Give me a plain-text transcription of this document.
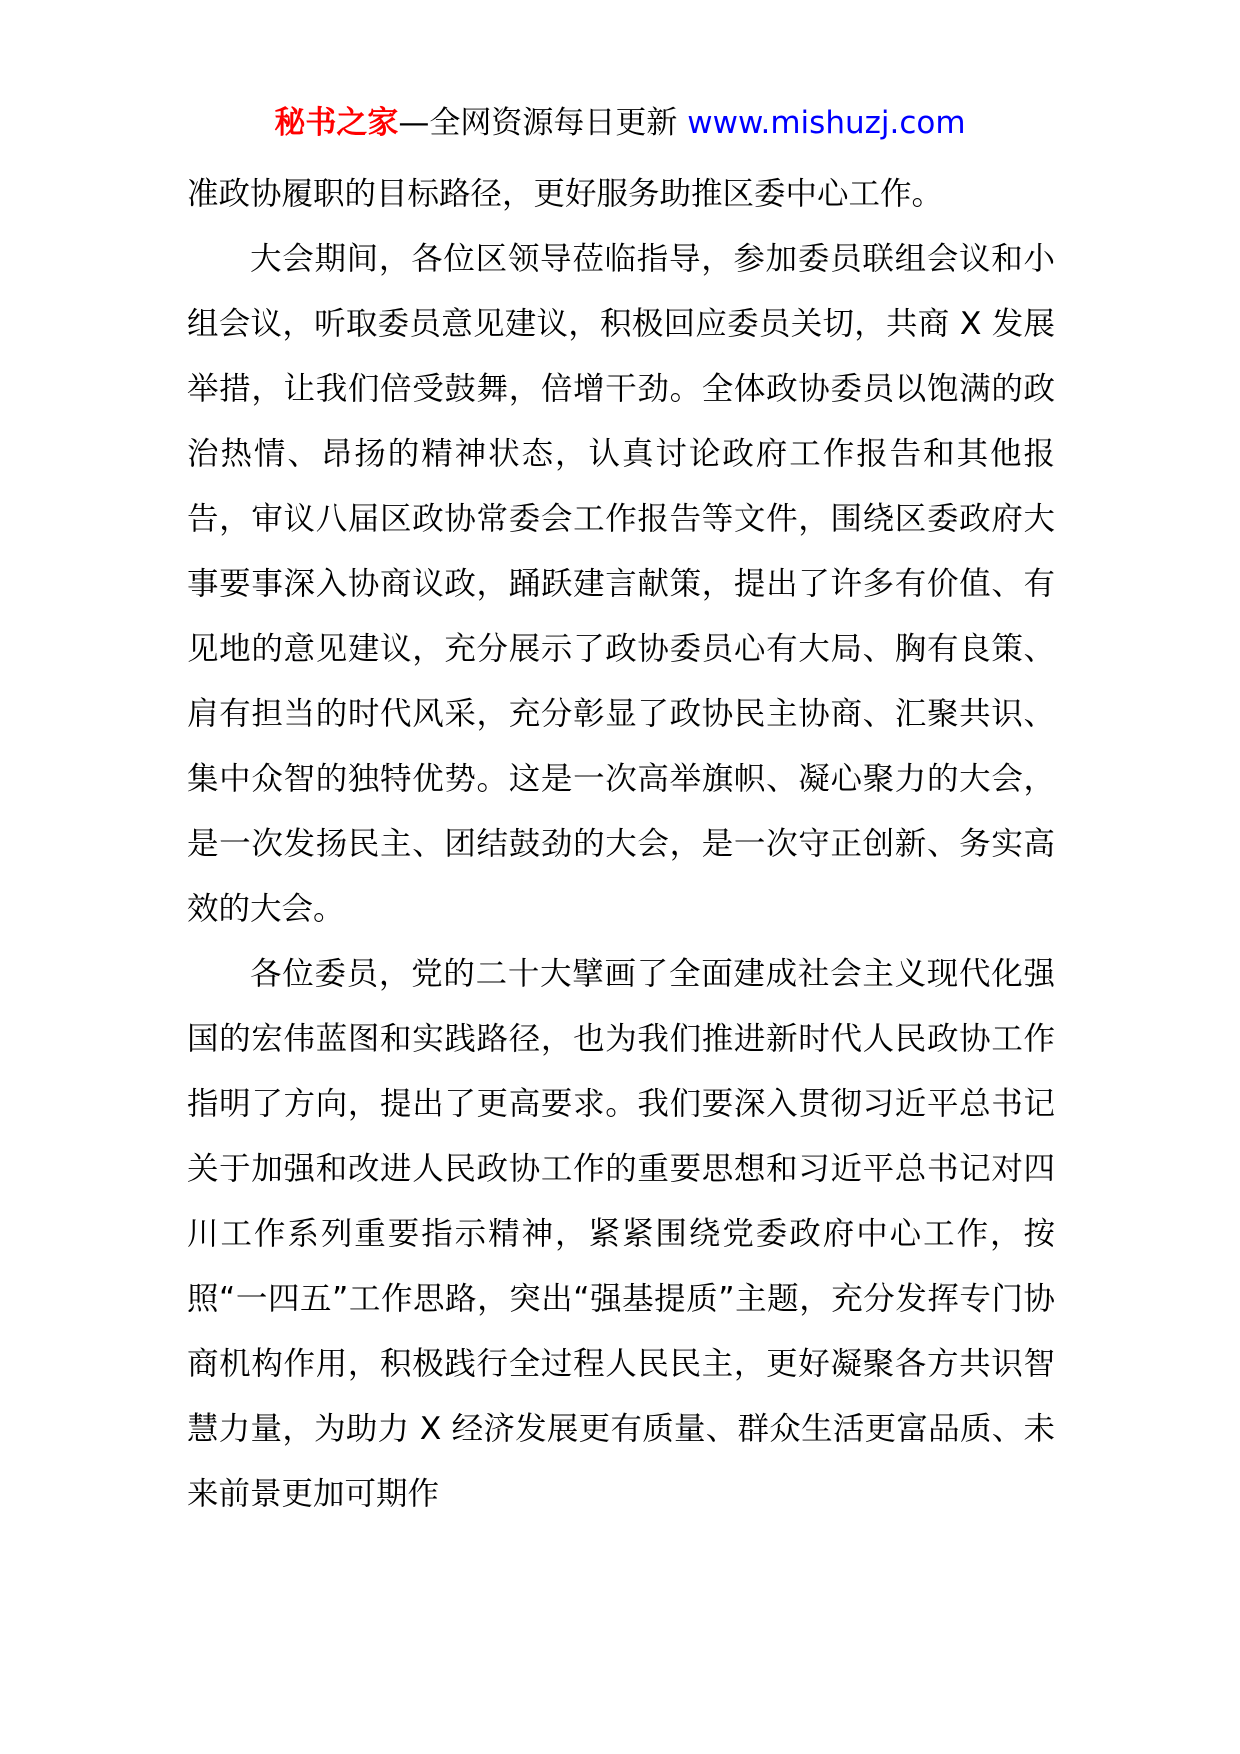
秘书之家—全网资源每日更新 www.mishuzj.com

准政协履职的目标路径，更好服务助推区委中心工作。

大会期间，各位区领导莅临指导，参加委员联组会议和小组会议，听取委员意见建议，积极回应委员关切，共商 X 发展举措，让我们倍受鼓舞，倍增干劲。全体政协委员以饱满的政治热情、昂扬的精神状态，认真讨论政府工作报告和其他报告，审议八届区政协常委会工作报告等文件，围绕区委政府大事要事深入协商议政，踊跃建言献策，提出了许多有价值、有见地的意见建议，充分展示了政协委员心有大局、胸有良策、肩有担当的时代风采，充分彰显了政协民主协商、汇聚共识、集中众智的独特优势。这是一次高举旗帜、凝心聚力的大会，是一次发扬民主、团结鼓劲的大会，是一次守正创新、务实高效的大会。

各位委员，党的二十大擘画了全面建成社会主义现代化强国的宏伟蓝图和实践路径，也为我们推进新时代人民政协工作指明了方向，提出了更高要求。我们要深入贯彻习近平总书记关于加强和改进人民政协工作的重要思想和习近平总书记对四川工作系列重要指示精神，紧紧围绕党委政府中心工作，按照“一四五”工作思路，突出“强基提质”主题，充分发挥专门协商机构作用，积极践行全过程人民民主，更好凝聚各方共识智慧力量，为助力 X 经济发展更有质量、群众生活更富品质、未来前景更加可期作
